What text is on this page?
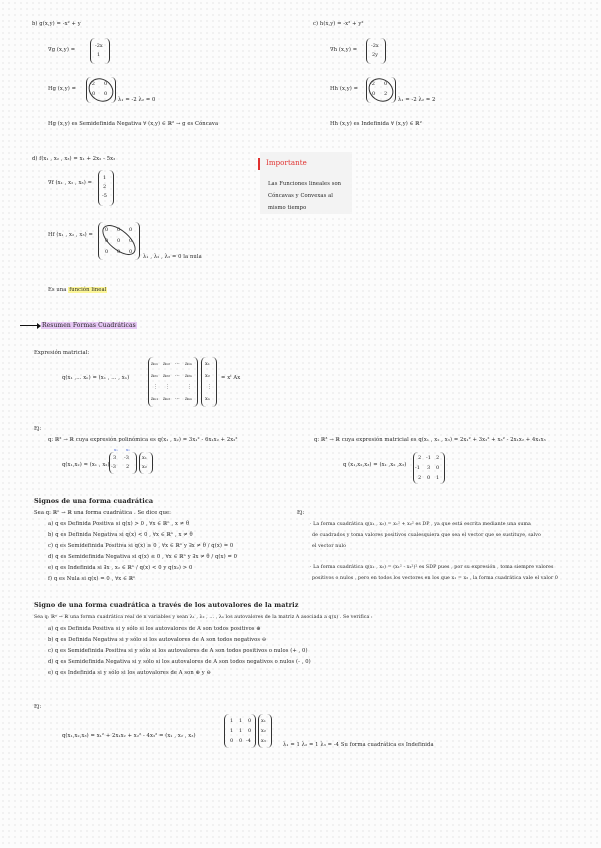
b) g(x,y) = -x² + y
∇g (x,y) =
-2x
1
Hg (x,y) =
-2 0
0 0
λ₁ = -2 λ₂ = 0
Hg (x,y) es Semidefinida Negativa ∀ (x,y) ∈ ℝ² → g es Cóncava
c) h(x,y) = -x² + y²
∇h (x,y) =
-2x
2y
Hh (x,y) =
-2 0
0 2
λ₁ = -2 λ₂ = 2
Hh (x,y) es Indefinida ∀ (x,y) ∈ ℝ²
d) f(x₁ , x₂ , x₃) = x₁ + 2x₂ - 5x₃
∇f (x₁ , x₂ , x₃) =
1
2
-5
Hf (x₁ , x₂ , x₃) =
0 0 0
0 0 0
0 0 0
λ₁ , λ₂ , λ₃ = 0 la nula
Es una función lineal
Importante
Las Funciones lineales son
Cóncavas y Convexas al
mismo tiempo
Resumen Formas Cuadráticas
Expresión matricial:
q(x₁ ,... xₙ) = (x₁ , ... , xₙ)
a₁₁ a₁₂ ··· a₁ₙ
a₂₁ a₂₂ ··· a₂ₙ
⋮ ⋮	⋮
aₙ₁ aₙ₂ ··· aₙₙ
x₁
x₂
⋮
xₙ
= xᵗ Ax
Ej:
q: ℝ² → ℝ cuya expresión polinómica es q(x₁ , x₂) = 3x₁² - 6x₁x₂ + 2x₂²
q(x₁,x₂) = (x₁ , x₂)
x₁ x₂
3 -3
-3 2
x₁
x₂
q: ℝ³ → ℝ cuya expresión matricial es q(x₁ , x₂ , x₃) = 2x₁² + 3x₂² + x₃² - 2x₁x₂ + 4x₁x₃
q (x₁,x₂,x₃) = (x₁ ,x₂ ,x₃)
2 -1 2
-1 3 0
2 0 1
Signos de una forma cuadrática
Sea q: ℝⁿ → ℝ una forma cuadrática . Se dice que:
a) q es Definida Positiva si q(x) > 0 , ∀x ∈ ℝⁿ , x ≠ θ
b) q es Definida Negativa si q(x) < 0 , ∀x ∈ ℝⁿ , x ≠ θ
c) q es Semidefinida Positiva si q(x) ≥ 0 , ∀x ∈ ℝⁿ y ∃x ≠ θ / q(x) = 0
d) q es Semidefinida Negativa si q(x) ≤ 0 , ∀x ∈ ℝⁿ y ∃x ≠ θ / q(x) = 0
e) q es Indefinida si ∃x , x₂ ∈ ℝⁿ / q(x) < 0 y q(x₂) > 0
f) q es Nula si q(x) = 0 , ∀x ∈ ℝⁿ
Ej:
· La forma cuadrática q(x₁ , x₂) = x₁² + x₂² es DP , ya que está escrita mediante una suma
de cuadrados y toma valores positivos cualesquiera que sea el vector que se sustituye, salvo
el vector nulo
· La forma cuadrática q(x₁ , x₂) = (x₁² - x₂²)² es SDP pues , por su expresión , toma siempre valores
positivos o nulos , pero en todos los vectores en los que x₁ = x₂ , la forma cuadrática vale el valor 0
Signo de una forma cuadrática a través de los autovalores de la matriz
Sea q: ℝⁿ → ℝ una forma cuadrática real de n variables y sean λ₁ , λ₂ , ... , λₙ los autovalores de la matriz A asociada a q(x) . Se verifica :
a) q es Definida Positiva si y sólo si los autovalores de A son todos positivos ⊕
b) q es Definida Negativa si y sólo si los autovalores de A son todos negativos ⊖
c) q es Semidefinida Positiva si y sólo si los autovalores de A son todos positivos o nulos (+ , 0)
d) q es Semidefinida Negativa si y sólo si los autovalores de A son todos negativos o nulos (- , 0)
e) q es Indefinida si y sólo si los autovalores de A son ⊕ y ⊖
Ej:
q(x₁,x₂,x₃) = x₁² + 2x₁x₂ + x₂² - 4x₃² = (x₁ , x₂ , x₃)
1 1 0
1 1 0
0 0 -4
x₁
x₂
x₃
λ₁ = 1 λ₂ = 1 λ₃ = -4 Su forma cuadrática es Indefinida
